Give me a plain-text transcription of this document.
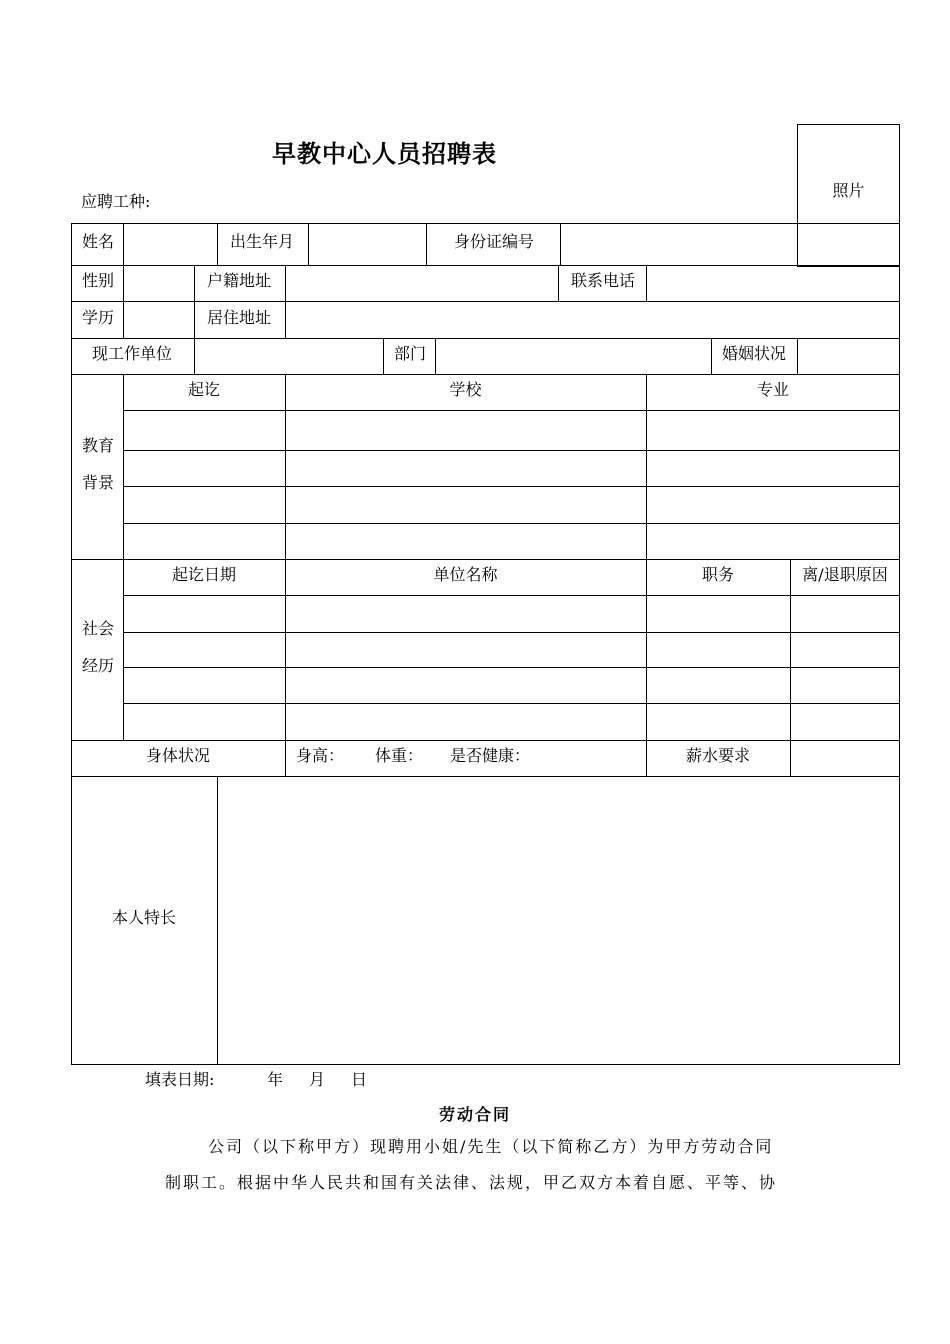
早教中心人员招聘表
应聘工种:
照片
姓名	出生年月	身份证编号
性别	户籍地址	联系电话
学历	居住地址
现工作单位	部门	婚姻状况
教育
背景
起讫	学校	专业
社会
经历
起讫日期	单位名称	职务	离/退职原因
身体状况	身高： 体重： 是否健康：	薪水要求
本人特长
填表日期:	年 月 日
劳动合同
公司（以下称甲方）现聘用小姐/先生（以下简称乙方）为甲方劳动合同
制职工。根据中华人民共和国有关法律、法规，甲乙双方本着自愿、平等、协
